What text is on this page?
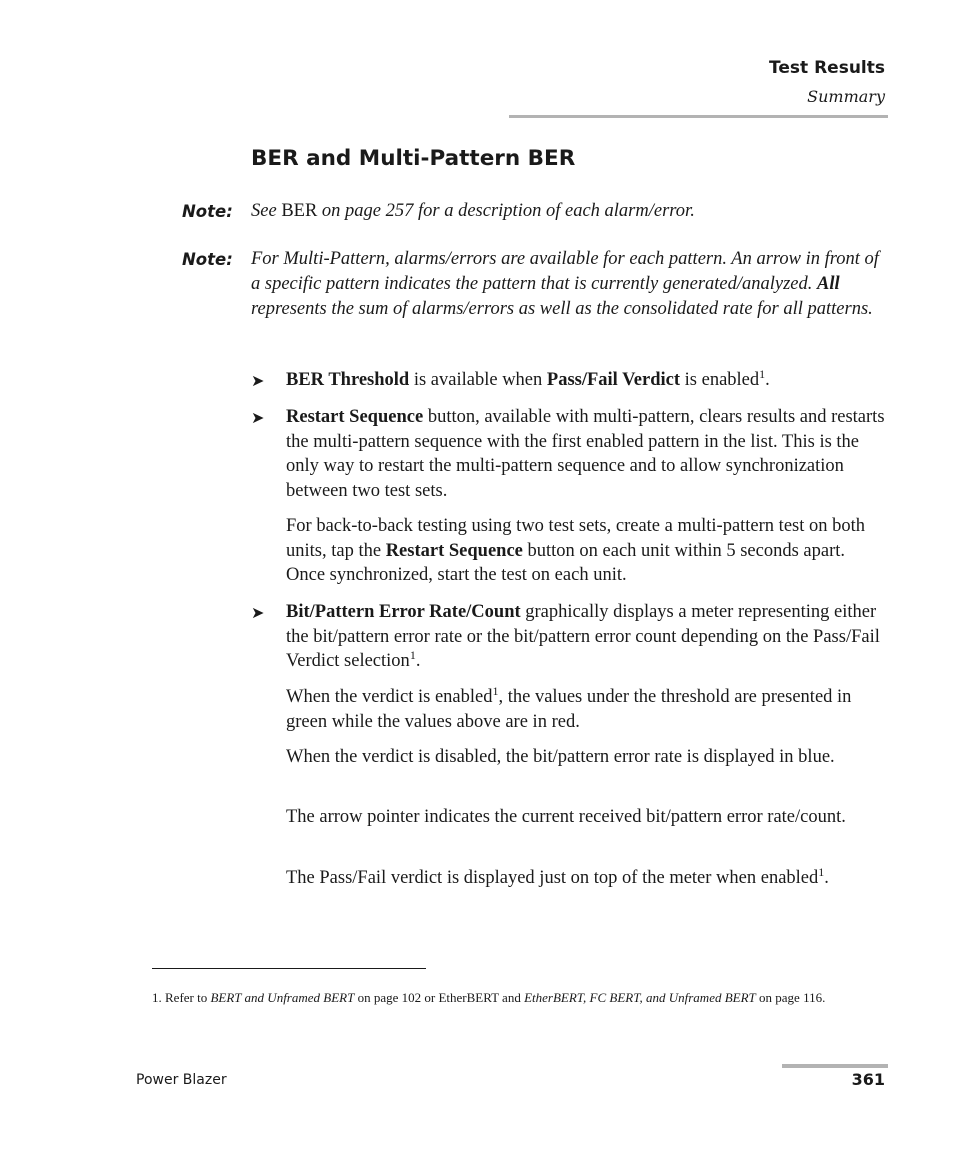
Test Results
Summary
BER and Multi-Pattern BER
Note: See BER on page 257 for a description of each alarm/error.
Note: For Multi-Pattern, alarms/errors are available for each pattern. An arrow in front of a specific pattern indicates the pattern that is currently generated/analyzed. All represents the sum of alarms/errors as well as the consolidated rate for all patterns.
➤ BER Threshold is available when Pass/Fail Verdict is enabled$^1$.

➤ Restart Sequence button, available with multi-pattern, clears results and restarts the multi-pattern sequence with the first enabled pattern in the list. This is the only way to restart the multi-pattern sequence and to allow synchronization between two test sets.

For back-to-back testing using two test sets, create a multi-pattern test on both units, tap the Restart Sequence button on each unit within 5 seconds apart. Once synchronized, start the test on each unit.

➤ Bit/Pattern Error Rate/Count graphically displays a meter representing either the bit/pattern error rate or the bit/pattern error count depending on the Pass/Fail Verdict selection$^1$.

When the verdict is enabled$^1$, the values under the threshold are presented in green while the values above are in red.

When the verdict is disabled, the bit/pattern error rate is displayed in blue.

The arrow pointer indicates the current received bit/pattern error rate/count.

The Pass/Fail verdict is displayed just on top of the meter when enabled$^1$.

1. Refer to BERT and Unframed BERT on page 102 or EtherBERT and EtherBERT, FC BERT, and Unframed BERT on page 116.
Power Blazer	361
